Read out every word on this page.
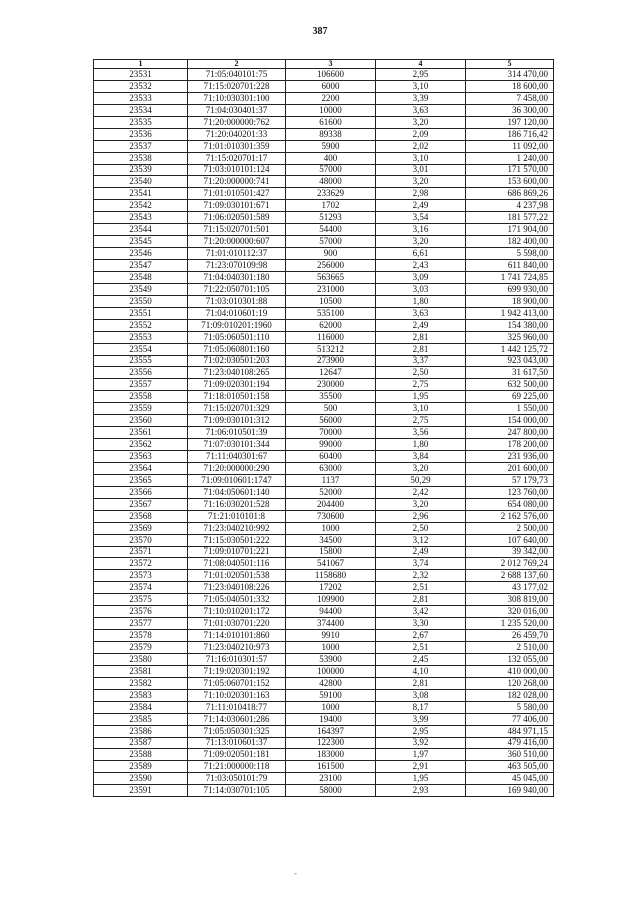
387
1	2	3	4	5
23531	71:05:040101:75	106600	2,95	314 470,00
23532	71:15:020701:228	6000	3,10	18 600,00
23533	71:10:030301:100	2200	3,39	7 458,00
23534	71:04:030401:37	10000	3,63	36 300,00
23535	71:20:000000:762	61600	3,20	197 120,00
23536	71:20:040201:33	89338	2,09	186 716,42
23537	71:01:010301:359	5900	2,02	11 092,00
23538	71:15:020701:17	400	3,10	1 240,00
23539	71:03:010101:124	57000	3,01	171 570,00
23540	71:20:000000:741	48000	3,20	153 600,00
23541	71:01:010501:427	233629	2,98	686 869,26
23542	71:09:030101:671	1702	2,49	4 237,98
23543	71:06:020501:589	51293	3,54	181 577,22
23544	71:15:020701:501	54400	3,16	171 904,00
23545	71:20:000000:607	57000	3,20	182 400,00
23546	71:01:010112:37	900	6,61	5 598,00
23547	71:23:070109:98	256000	2,43	611 840,00
23548	71:04:040301:180	563665	3,09	1 741 724,85
23549	71:22:050701:105	231000	3,03	699 930,00
23550	71:03:010301:88	10500	1,80	18 900,00
23551	71:04:010601:19	535100	3,63	1 942 413,00
23552	71:09:010201:1960	62000	2,49	154 380,00
23553	71:05:060501:110	116000	2,81	325 960,00
23554	71:05:060801:160	513212	2,81	1 442 125,72
23555	71:02:030501:203	273900	3,37	923 043,00
23556	71:23:040108:265	12647	2,50	31 617,50
23557	71:09:020301:194	230000	2,75	632 500,00
23558	71:18:010501:158	35500	1,95	69 225,00
23559	71:15:020701:329	500	3,10	1 550,00
23560	71:09:030101:312	56000	2,75	154 000,00
23561	71:06:010501:39	70000	3,56	247 800,00
23562	71:07:030101:344	99000	1,80	178 200,00
23563	71:11:040301:67	60400	3,84	231 936,00
23564	71:20:000000:290	63000	3,20	201 600,00
23565	71:09:010601:1747	1137	50,29	57 179,73
23566	71:04:050601:140	52000	2,42	123 760,00
23567	71:16:030201:528	204400	3,20	654 080,00
23568	71:21:010101:8	730600	2,96	2 162 576,00
23569	71:23:040210:992	1000	2,50	2 500,00
23570	71:15:030501:222	34500	3,12	107 640,00
23571	71:09:010701:221	15800	2,49	39 342,00
23572	71:08:040501:116	541067	3,74	2 012 769,24
23573	71:01:020501:538	1158680	2,32	2 688 137,60
23574	71:23:040108:226	17202	2,51	43 177,02
23575	71:05:040501:332	109900	2,81	308 819,00
23576	71:10:010201:172	94400	3,42	320 016,00
23577	71:01:030701:220	374400	3,30	1 235 520,00
23578	71:14:010101:860	9910	2,67	26 459,70
23579	71:23:040210:973	1000	2,51	2 510,00
23580	71:16:010301:57	53900	2,45	132 055,00
23581	71:19:020301:192	100000	4,10	410 000,00
23582	71:05:060701:152	42800	2,81	120 268,00
23583	71:10:020301:163	59100	3,08	182 028,00
23584	71:11:010418:77	1000	8,17	5 580,00
23585	71:14:030601:286	19400	3,99	77 406,00
23586	71:05:050301:325	164397	2,95	484 971,15
23587	71:13:010601:37	122300	3,92	479 416,00
23588	71:09:020501:181	183000	1,97	360 510,00
23589	71:21:000000:118	161500	2,91	463 505,00
23590	71:03:050101:79	23100	1,95	45 045,00
23591	71:14:030701:105	58000	2,93	169 940,00
-
